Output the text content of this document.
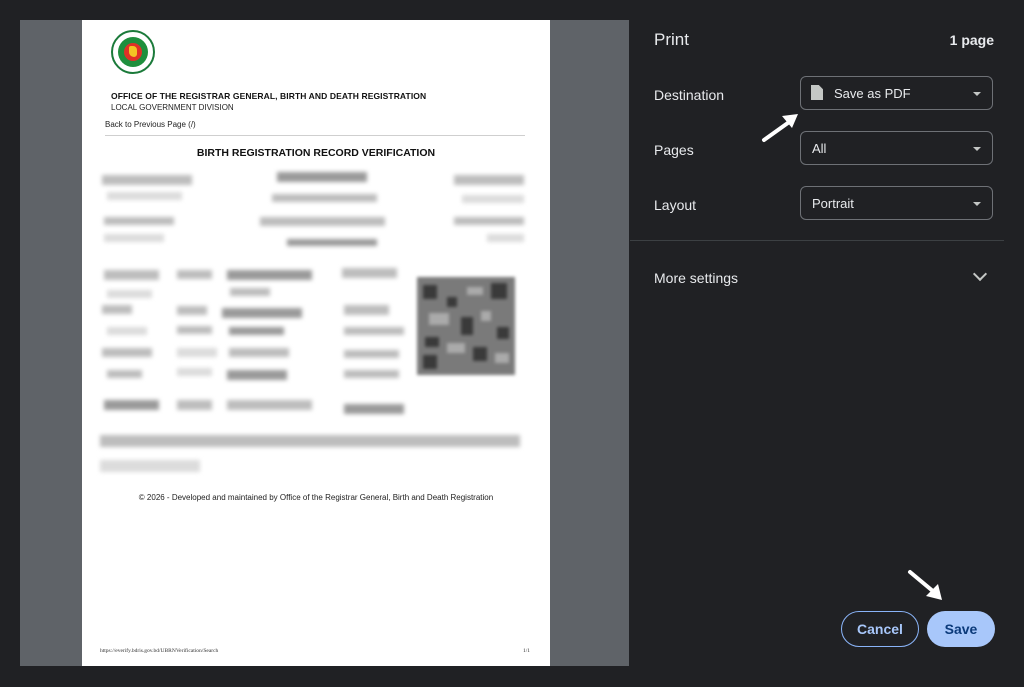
OFFICE OF THE REGISTRAR GENERAL, BIRTH AND DEATH REGISTRATION
LOCAL GOVERNMENT DIVISION
Back to Previous Page (/)
BIRTH REGISTRATION RECORD VERIFICATION
© 2026 - Developed and maintained by Office of the Registrar General, Birth and Death Registration
https://everify.bdris.gov.bd/UBRNVerification/Search	1/1
Print	1 page
Destination	Save as PDF
Pages	All
Layout	Portrait
More settings
Cancel	Save
